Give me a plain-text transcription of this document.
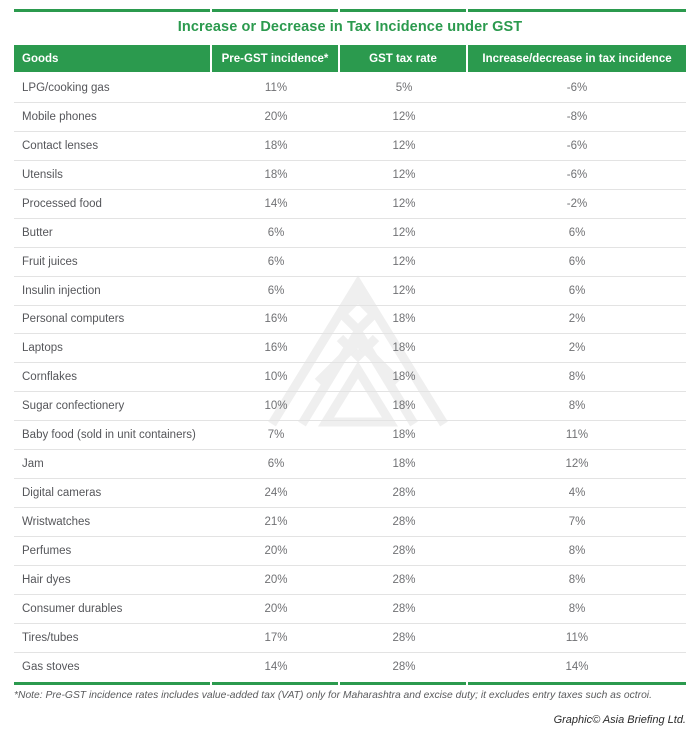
Increase or Decrease in Tax Incidence under GST
Goods	Pre-GST incidence*	GST tax rate	Increase/decrease in tax incidence
LPG/cooking gas	11%	5%	-6%
Mobile phones	20%	12%	-8%
Contact lenses	18%	12%	-6%
Utensils	18%	12%	-6%
Processed food	14%	12%	-2%
Butter	6%	12%	6%
Fruit juices	6%	12%	6%
Insulin injection	6%	12%	6%
Personal computers	16%	18%	2%
Laptops	16%	18%	2%
Cornflakes	10%	18%	8%
Sugar confectionery	10%	18%	8%
Baby food (sold in unit containers)	7%	18%	11%
Jam	6%	18%	12%
Digital cameras	24%	28%	4%
Wristwatches	21%	28%	7%
Perfumes	20%	28%	8%
Hair dyes	20%	28%	8%
Consumer durables	20%	28%	8%
Tires/tubes	17%	28%	11%
Gas stoves	14%	28%	14%
*Note: Pre-GST incidence rates includes value-added tax (VAT) only for Maharashtra and excise duty; it excludes entry taxes such as octroi.
Graphic© Asia Briefing Ltd.
